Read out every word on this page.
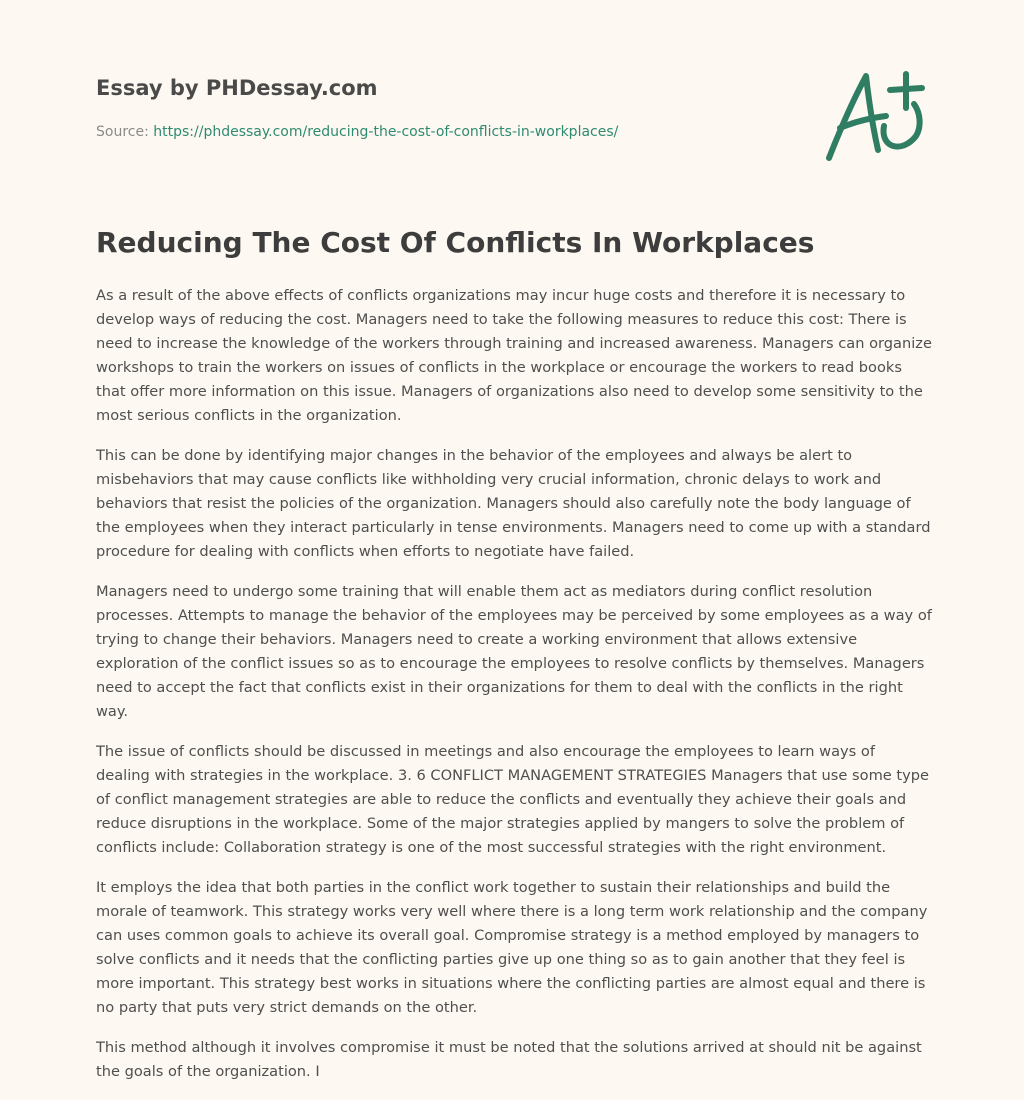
Essay by PHDessay.com
Source: https://phdessay.com/reducing-the-cost-of-conflicts-in-workplaces/
Reducing The Cost Of Conflicts In Workplaces

As a result of the above effects of conflicts organizations may incur huge costs and therefore it is necessary to develop ways of reducing the cost. Managers need to take the following measures to reduce this cost: There is need to increase the knowledge of the workers through training and increased awareness. Managers can organize workshops to train the workers on issues of conflicts in the workplace or encourage the workers to read books that offer more information on this issue. Managers of organizations also need to develop some sensitivity to the most serious conflicts in the organization.

This can be done by identifying major changes in the behavior of the employees and always be alert to misbehaviors that may cause conflicts like withholding very crucial information, chronic delays to work and behaviors that resist the policies of the organization. Managers should also carefully note the body language of the employees when they interact particularly in tense environments. Managers need to come up with a standard procedure for dealing with conflicts when efforts to negotiate have failed.

Managers need to undergo some training that will enable them act as mediators during conflict resolution processes. Attempts to manage the behavior of the employees may be perceived by some employees as a way of trying to change their behaviors. Managers need to create a working environment that allows extensive exploration of the conflict issues so as to encourage the employees to resolve conflicts by themselves. Managers need to accept the fact that conflicts exist in their organizations for them to deal with the conflicts in the right way.

The issue of conflicts should be discussed in meetings and also encourage the employees to learn ways of dealing with strategies in the workplace. 3. 6 CONFLICT MANAGEMENT STRATEGIES Managers that use some type of conflict management strategies are able to reduce the conflicts and eventually they achieve their goals and reduce disruptions in the workplace. Some of the major strategies applied by mangers to solve the problem of conflicts include: Collaboration strategy is one of the most successful strategies with the right environment.

It employs the idea that both parties in the conflict work together to sustain their relationships and build the morale of teamwork. This strategy works very well where there is a long term work relationship and the company can uses common goals to achieve its overall goal. Compromise strategy is a method employed by managers to solve conflicts and it needs that the conflicting parties give up one thing so as to gain another that they feel is more important. This strategy best works in situations where the conflicting parties are almost equal and there is no party that puts very strict demands on the other.

This method although it involves compromise it must be noted that the solutions arrived at should nit be against the goals of the organization. I
